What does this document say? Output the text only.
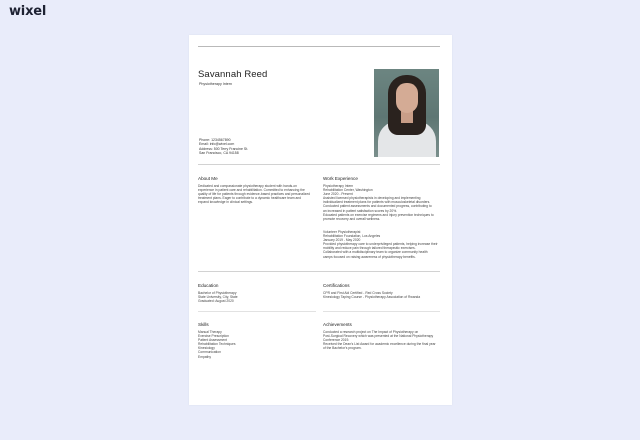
wixel
Savannah Reed
Physiotherapy Intern
Phone: 1234567890
Email: info@wixel.com
Address: 500 Terry Francine St.
San Francisco, CA 94158
About Me
Dedicated and compassionate physiotherapy student with hands-on
experience in patient care and rehabilitation. Committed to enhancing the
quality of life for patients through evidence-based practices and personalized
treatment plans. Eager to contribute to a dynamic healthcare team and
expand knowledge in clinical settings.
Work Experience
Physiotherapy Intern
Rehabilitation Center, Washington
June 2020 - Present
Assisted licensed physiotherapists in developing and implementing
individualized treatment plans for patients with musculoskeletal disorders.
Conducted patient assessments and documented progress, contributing to
an increased in patient satisfaction scores by 20%.
Educated patients on exercise regimens and injury prevention techniques to
promote recovery and overall wellness.
Volunteer Physiotherapist
Rehabilitation Foundation, Los Angeles
January 2019 - May 2020
Provided physiotherapy care to underprivileged patients, helping increase their
mobility and reduce pain through tailored therapeutic exercises.
Collaborated with a multidisciplinary team to organize community health
camps focused on raising awareness of physiotherapy benefits.
Education
Bachelor of Physiotherapy
State University, City, State
Graduated: August 2020
Certifications
CPR and First Aid Certified - Red Cross Society
Kinesiology Taping Course - Physiotherapy Association of Rwanda
Skills
Manual Therapy
Exercise Prescription
Patient Assessment
Rehabilitation Techniques
Kinesiology
Communication
Empathy
Achievements
Conducted a research project on The Impact of Physiotherapy on
Post-Surgical Recovery which was presented at the National Physiotherapy
Conference 2019.
Received the Dean's List Award for academic excellence during the final year
of the Bachelor's program.
